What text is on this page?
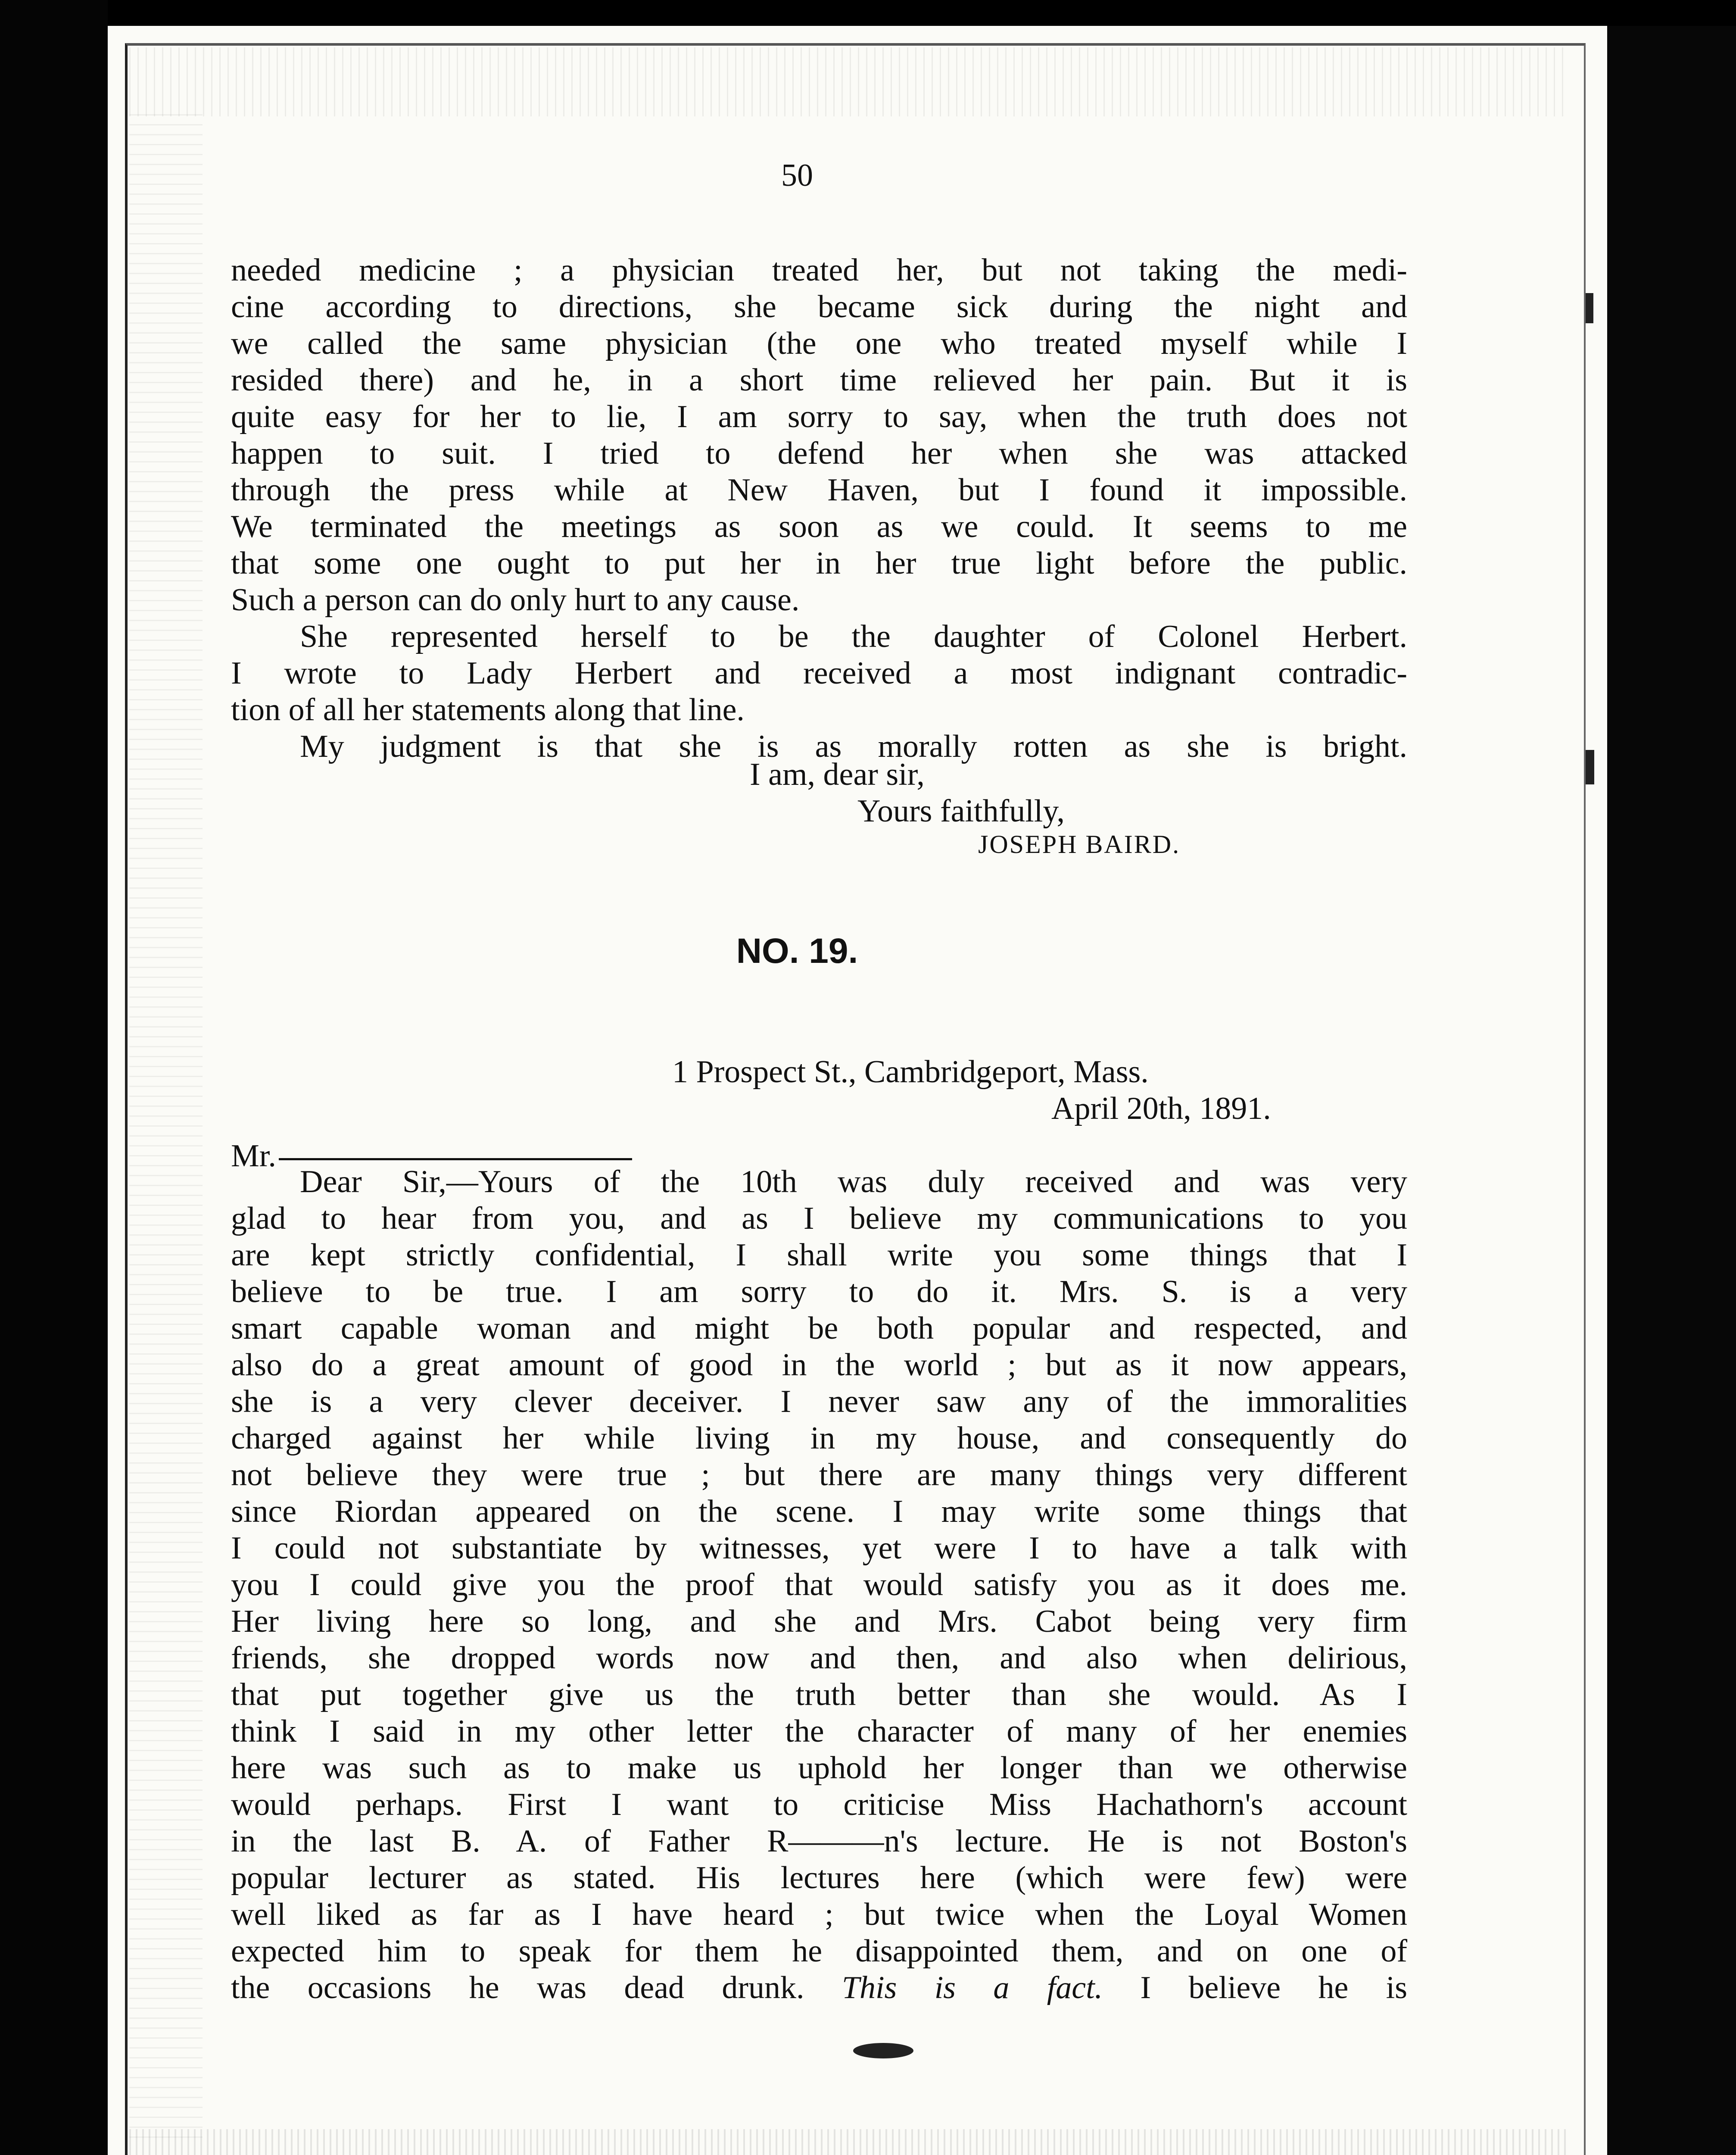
50
needed medicine ; a physician treated her, but not taking the medi-
cine according to directions, she became sick during the night and
we called the same physician (the one who treated myself while I
resided there) and he, in a short time relieved her pain. But it is
quite easy for her to lie, I am sorry to say, when the truth does not
happen to suit. I tried to defend her when she was attacked
through the press while at New Haven, but I found it impossible.
We terminated the meetings as soon as we could. It seems to me
that some one ought to put her in her true light before the public.
Such a person can do only hurt to any cause.
She represented herself to be the daughter of Colonel Herbert.
I wrote to Lady Herbert and received a most indignant contradic-
tion of all her statements along that line.
My judgment is that she is as morally rotten as she is bright.
I am, dear sir,
Yours faithfully,
JOSEPH BAIRD.
NO. 19.
1 Prospect St., Cambridgeport, Mass.
April 20th, 1891.
Mr.
Dear Sir,—Yours of the 10th was duly received and was very
glad to hear from you, and as I believe my communications to you
are kept strictly confidential, I shall write you some things that I
believe to be true. I am sorry to do it. Mrs. S. is a very
smart capable woman and might be both popular and respected, and
also do a great amount of good in the world ; but as it now appears,
she is a very clever deceiver. I never saw any of the immoralities
charged against her while living in my house, and consequently do
not believe they were true ; but there are many things very different
since Riordan appeared on the scene. I may write some things that
I could not substantiate by witnesses, yet were I to have a talk with
you I could give you the proof that would satisfy you as it does me.
Her living here so long, and she and Mrs. Cabot being very firm
friends, she dropped words now and then, and also when delirious,
that put together give us the truth better than she would. As I
think I said in my other letter the character of many of her enemies
here was such as to make us uphold her longer than we otherwise
would perhaps. First I want to criticise Miss Hachathorn's account
in the last B. A. of Father R———n's lecture. He is not Boston's
popular lecturer as stated. His lectures here (which were few) were
well liked as far as I have heard ; but twice when the Loyal Women
expected him to speak for them he disappointed them, and on one of
the occasions he was dead drunk. This is a fact. I believe he is
